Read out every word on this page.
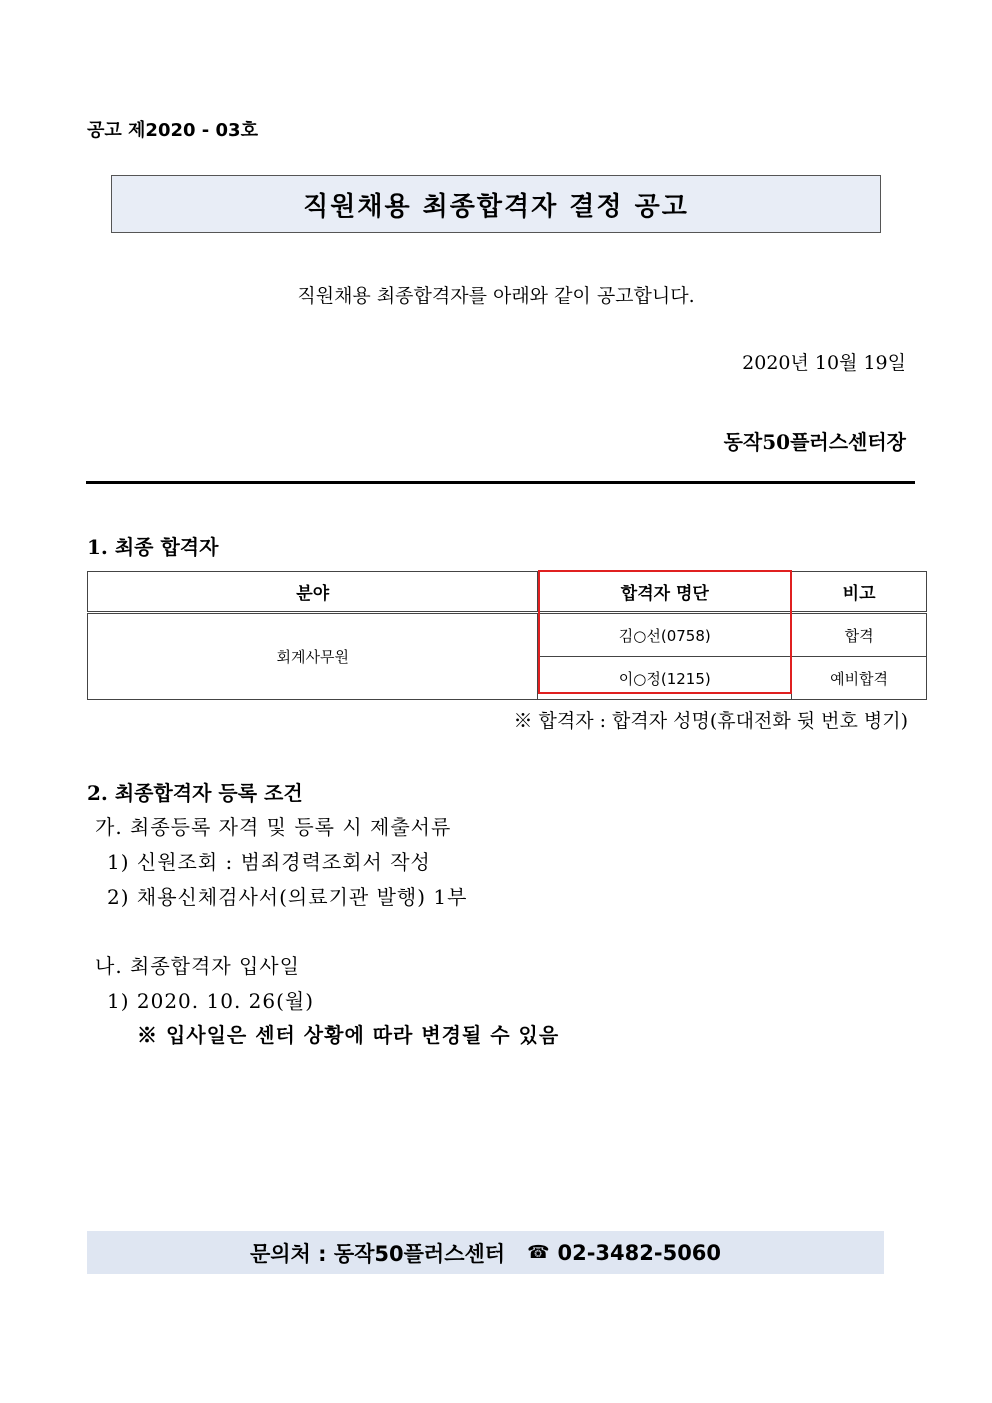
공고 제2020 - 03호
직원채용 최종합격자 결정 공고
직원채용 최종합격자를 아래와 같이 공고합니다.
2020년 10월 19일
동작50플러스센터장
1. 최종 합격자
분야	합격자 명단	비고
회계사무원	김○선(0758)	합격
	이○정(1215)	예비합격
※ 합격자 : 합격자 성명(휴대전화 뒷 번호 병기)
2. 최종합격자 등록 조건
가. 최종등록 자격 및 등록 시 제출서류
1) 신원조회 : 범죄경력조회서 작성
2) 채용신체검사서(의료기관 발행) 1부
나. 최종합격자 입사일
1) 2020. 10. 26(월)
※ 입사일은 센터 상황에 따라 변경될 수 있음
문의처 : 동작50플러스센터 ☎ 02-3482-5060
